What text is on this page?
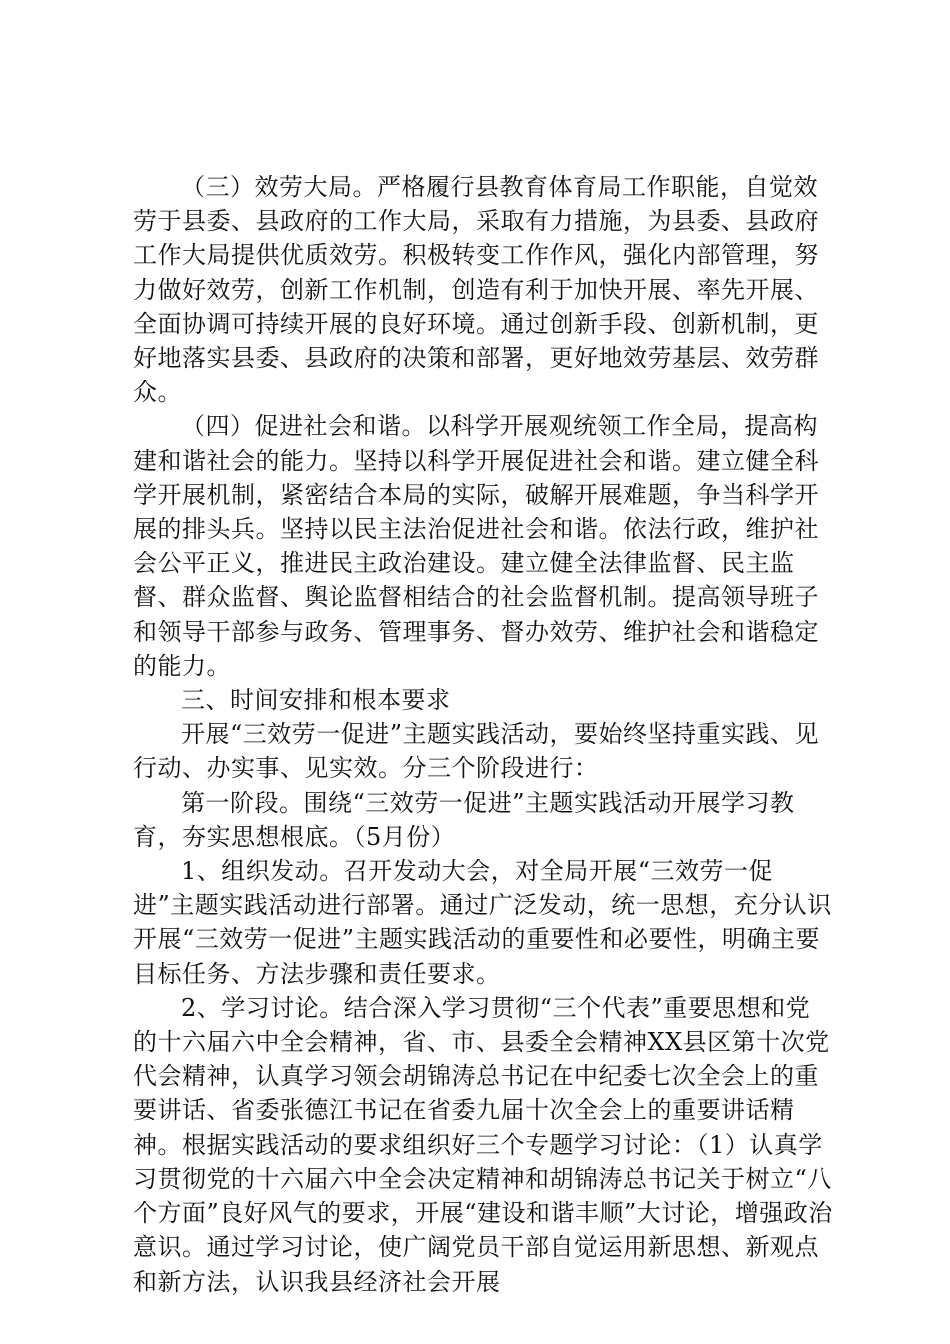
（三）效劳大局。严格履行县教育体育局工作职能，自觉效劳于县委、县政府的工作大局，采取有力措施，为县委、县政府工作大局提供优质效劳。积极转变工作作风，强化内部管理，努力做好效劳，创新工作机制，创造有利于加快开展、率先开展、全面协调可持续开展的良好环境。通过创新手段、创新机制，更好地落实县委、县政府的决策和部署，更好地效劳基层、效劳群众。

（四）促进社会和谐。以科学开展观统领工作全局，提高构建和谐社会的能力。坚持以科学开展促进社会和谐。建立健全科学开展机制，紧密结合本局的实际，破解开展难题，争当科学开展的排头兵。坚持以民主法治促进社会和谐。依法行政，维护社会公平正义，推进民主政治建设。建立健全法律监督、民主监督、群众监督、舆论监督相结合的社会监督机制。提高领导班子和领导干部参与政务、管理事务、督办效劳、维护社会和谐稳定的能力。

三、时间安排和根本要求

开展“三效劳一促进”主题实践活动，要始终坚持重实践、见行动、办实事、见实效。分三个阶段进行：

第一阶段。围绕“三效劳一促进”主题实践活动开展学习教育，夯实思想根底。（5月份）

1、组织发动。召开发动大会，对全局开展“三效劳一促进”主题实践活动进行部署。通过广泛发动，统一思想，充分认识开展“三效劳一促进”主题实践活动的重要性和必要性，明确主要目标任务、方法步骤和责任要求。

2、学习讨论。结合深入学习贯彻“三个代表”重要思想和党的十六届六中全会精神，省、市、县委全会精神XX县区第十次党代会精神，认真学习领会胡锦涛总书记在中纪委七次全会上的重要讲话、省委张德江书记在省委九届十次全会上的重要讲话精神。根据实践活动的要求组织好三个专题学习讨论：（1）认真学习贯彻党的十六届六中全会决定精神和胡锦涛总书记关于树立“八个方面”良好风气的要求，开展“建设和谐丰顺”大讨论，增强政治意识。通过学习讨论，使广阔党员干部自觉运用新思想、新观点和新方法，认识我县经济社会开展
